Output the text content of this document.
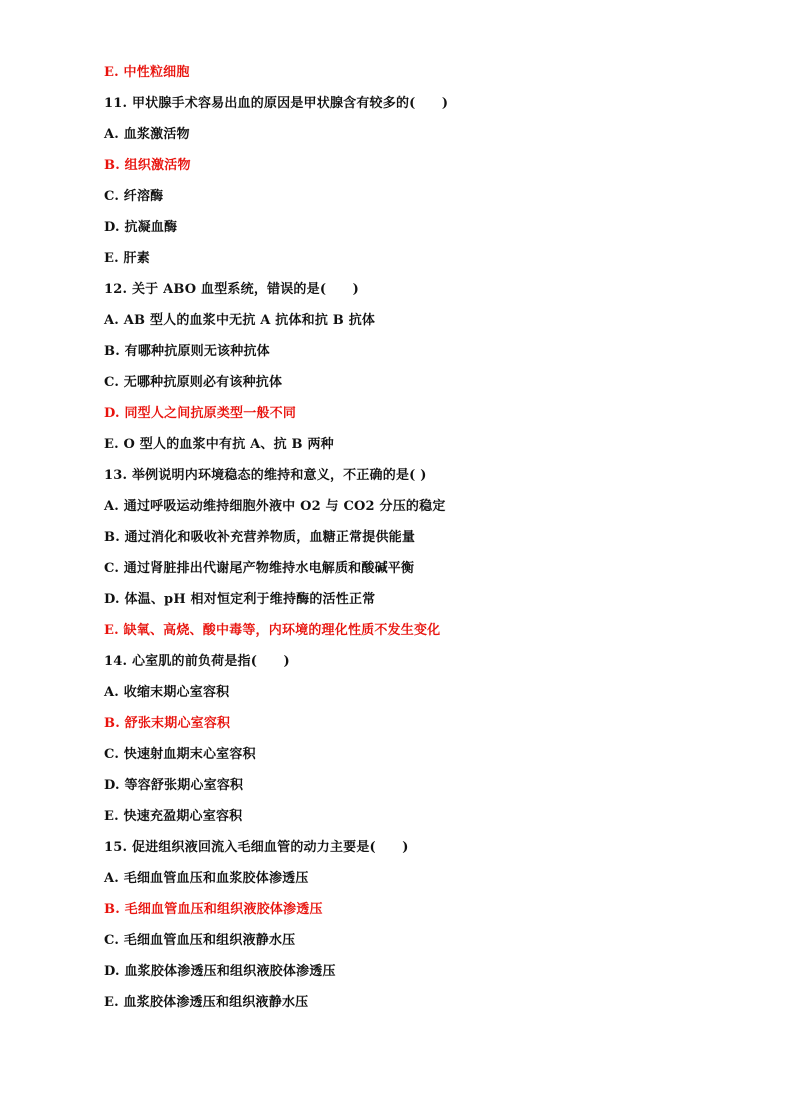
E. 中性粒细胞
11. 甲状腺手术容易出血的原因是甲状腺含有较多的(　　)
A. 血浆激活物
B. 组织激活物
C. 纤溶酶
D. 抗凝血酶
E. 肝素
12. 关于 ABO 血型系统，错误的是(　　)
A. AB 型人的血浆中无抗 A 抗体和抗 B 抗体
B. 有哪种抗原则无该种抗体
C. 无哪种抗原则必有该种抗体
D. 同型人之间抗原类型一般不同
E. O 型人的血浆中有抗 A、抗 B 两种
13. 举例说明内环境稳态的维持和意义，不正确的是( )
A. 通过呼吸运动维持细胞外液中 O2 与 CO2 分压的稳定
B. 通过消化和吸收补充营养物质，血糖正常提供能量
C. 通过肾脏排出代谢尾产物维持水电解质和酸碱平衡
D. 体温、pH 相对恒定利于维持酶的活性正常
E. 缺氧、高烧、酸中毒等，内环境的理化性质不发生变化
14. 心室肌的前负荷是指(　　)
A. 收缩末期心室容积
B. 舒张末期心室容积
C. 快速射血期末心室容积
D. 等容舒张期心室容积
E. 快速充盈期心室容积
15. 促进组织液回流入毛细血管的动力主要是(　　)
A. 毛细血管血压和血浆胶体渗透压
B. 毛细血管血压和组织液胶体渗透压
C. 毛细血管血压和组织液静水压
D. 血浆胶体渗透压和组织液胶体渗透压
E. 血浆胶体渗透压和组织液静水压
